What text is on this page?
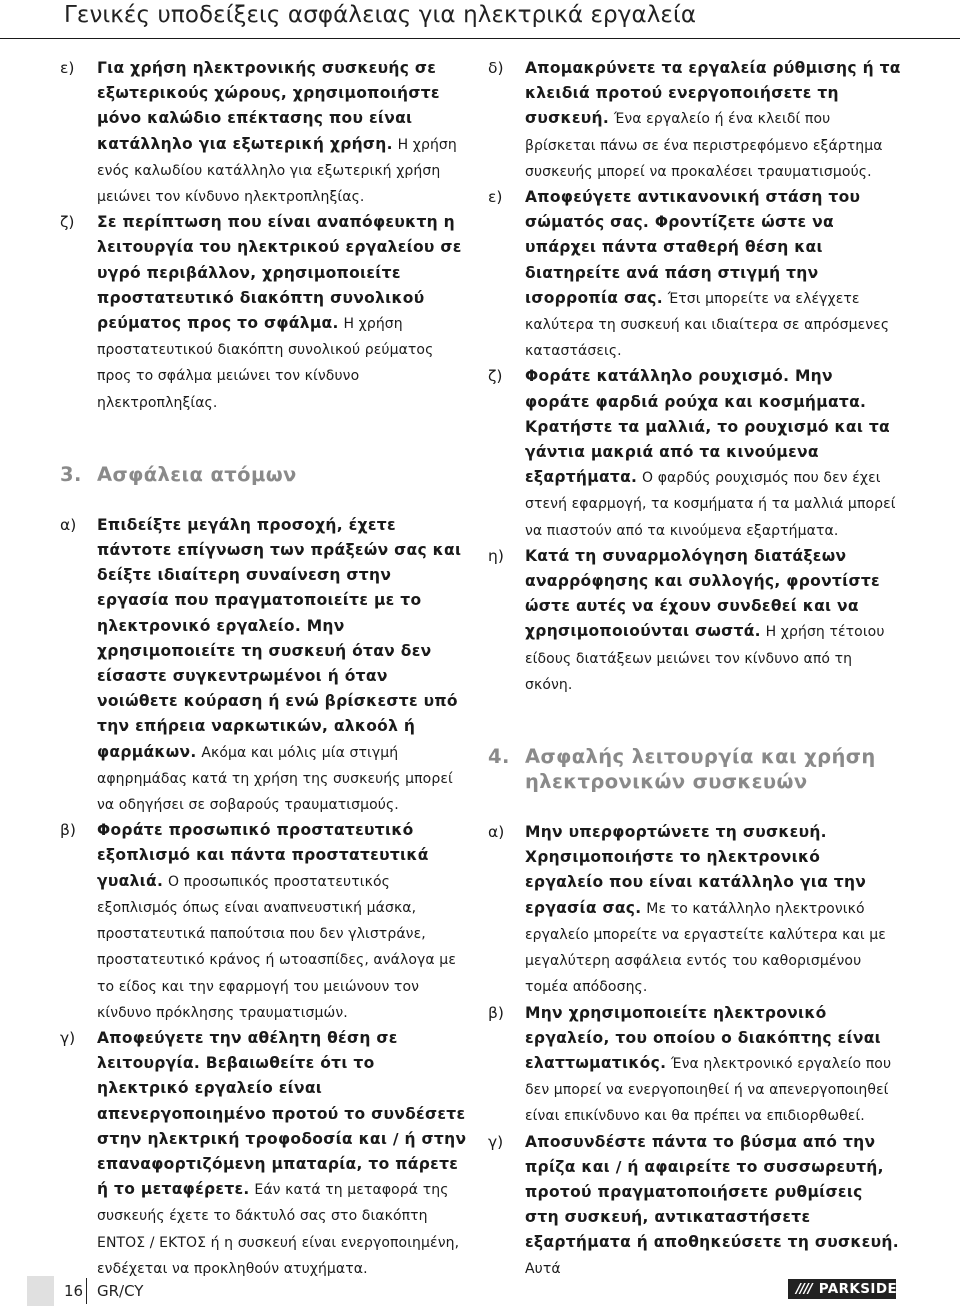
Γενικές υποδείξεις ασφάλειας για ηλεκτρικά εργαλεία
ε) Για χρήση ηλεκτρονικής συσκευής σε εξωτερικούς χώρους, χρησιμοποιήστε μόνο καλώδιο επέκτασης που είναι κατάλληλο για εξωτερική χρήση. Η χρήση ενός καλωδίου κατάλληλο για εξωτερική χρήση μειώνει τον κίνδυνο ηλεκτροπληξίας.
ζ) Σε περίπτωση που είναι αναπόφευκτη η λειτουργία του ηλεκτρικού εργαλείου σε υγρό περιβάλλον, χρησιμοποιείτε προστατευτικό διακόπτη συνολικού ρεύματος προς το σφάλμα. Η χρήση προστατευτικού διακόπτη συνολικού ρεύματος προς το σφάλμα μειώνει τον κίνδυνο ηλεκτροπληξίας.
3. Ασφάλεια ατόμων
α) Επιδείξτε μεγάλη προσοχή, έχετε πάντοτε επίγνωση των πράξεών σας και δείξτε ιδιαίτερη συναίνεση στην εργασία που πραγματοποιείτε με το ηλεκτρονικό εργαλείο. Μην χρησιμοποιείτε τη συσκευή όταν δεν είσαστε συγκεντρωμένοι ή όταν νοιώθετε κούραση ή ενώ βρίσκεστε υπό την επήρεια ναρκωτικών, αλκοόλ ή φαρμάκων. Ακόμα και μόλις μία στιγμή αφηρημάδας κατά τη χρήση της συσκευής μπορεί να οδηγήσει σε σοβαρούς τραυματισμούς.
β) Φοράτε προσωπικό προστατευτικό εξοπλισμό και πάντα προστατευτικά γυαλιά. Ο προσωπικός προστατευτικός εξοπλισμός όπως είναι αναπνευστική μάσκα, προστατευτικά παπούτσια που δεν γλιστράνε, προστατευτικό κράνος ή ωτοασπίδες, ανάλογα με το είδος και την εφαρμογή του μειώνουν τον κίνδυνο πρόκλησης τραυματισμών.
γ) Αποφεύγετε την αθέλητη θέση σε λειτουργία. Βεβαιωθείτε ότι το ηλεκτρικό εργαλείο είναι απενεργοποιημένο προτού το συνδέσετε στην ηλεκτρική τροφοδοσία και / ή στην επαναφορτιζόμενη μπαταρία, το πάρετε ή το μεταφέρετε. Εάν κατά τη μεταφορά της συσκευής έχετε το δάκτυλό σας στο διακόπτη ΕΝΤΟΣ / ΕΚΤΟΣ ή η συσκευή είναι ενεργοποιημένη, ενδέχεται να προκληθούν ατυχήματα.
δ) Απομακρύνετε τα εργαλεία ρύθμισης ή τα κλειδιά προτού ενεργοποιήσετε τη συσκευή. Ένα εργαλείο ή ένα κλειδί που βρίσκεται πάνω σε ένα περιστρεφόμενο εξάρτημα συσκευής μπορεί να προκαλέσει τραυματισμούς.
ε) Αποφεύγετε αντικανονική στάση του σώματός σας. Φροντίζετε ώστε να υπάρχει πάντα σταθερή θέση και διατηρείτε ανά πάση στιγμή την ισορροπία σας. Έτσι μπορείτε να ελέγχετε καλύτερα τη συσκευή και ιδιαίτερα σε απρόσμενες καταστάσεις.
ζ) Φοράτε κατάλληλο ρουχισμό. Μην φοράτε φαρδιά ρούχα και κοσμήματα. Κρατήστε τα μαλλιά, το ρουχισμό και τα γάντια μακριά από τα κινούμενα εξαρτήματα. Ο φαρδύς ρουχισμός που δεν έχει στενή εφαρμογή, τα κοσμήματα ή τα μαλλιά μπορεί να πιαστούν από τα κινούμενα εξαρτήματα.
η) Κατά τη συναρμολόγηση διατάξεων αναρρόφησης και συλλογής, φροντίστε ώστε αυτές να έχουν συνδεθεί και να χρησιμοποιούνται σωστά. Η χρήση τέτοιου είδους διατάξεων μειώνει τον κίνδυνο από τη σκόνη.
4. Ασφαλής λειτουργία και χρήση ηλεκτρονικών συσκευών
α) Μην υπερφορτώνετε τη συσκευή. Χρησιμοποιήστε το ηλεκτρονικό εργαλείο που είναι κατάλληλο για την εργασία σας. Με το κατάλληλο ηλεκτρονικό εργαλείο μπορείτε να εργαστείτε καλύτερα και με μεγαλύτερη ασφάλεια εντός του καθορισμένου τομέα απόδοσης.
β) Μην χρησιμοποιείτε ηλεκτρονικό εργαλείο, του οποίου ο διακόπτης είναι ελαττωματικός. Ένα ηλεκτρονικό εργαλείο που δεν μπορεί να ενεργοποιηθεί ή να απενεργοποιηθεί είναι επικίνδυνο και θα πρέπει να επιδιορθωθεί.
γ) Αποσυνδέστε πάντα το βύσμα από την πρίζα και / ή αφαιρείτε το συσσωρευτή, προτού πραγματοποιήσετε ρυθμίσεις στη συσκευή, αντικαταστήσετε εξαρτήματα ή αποθηκεύσετε τη συσκευή. Αυτά
16 GR/CY	//// PARKSIDE
